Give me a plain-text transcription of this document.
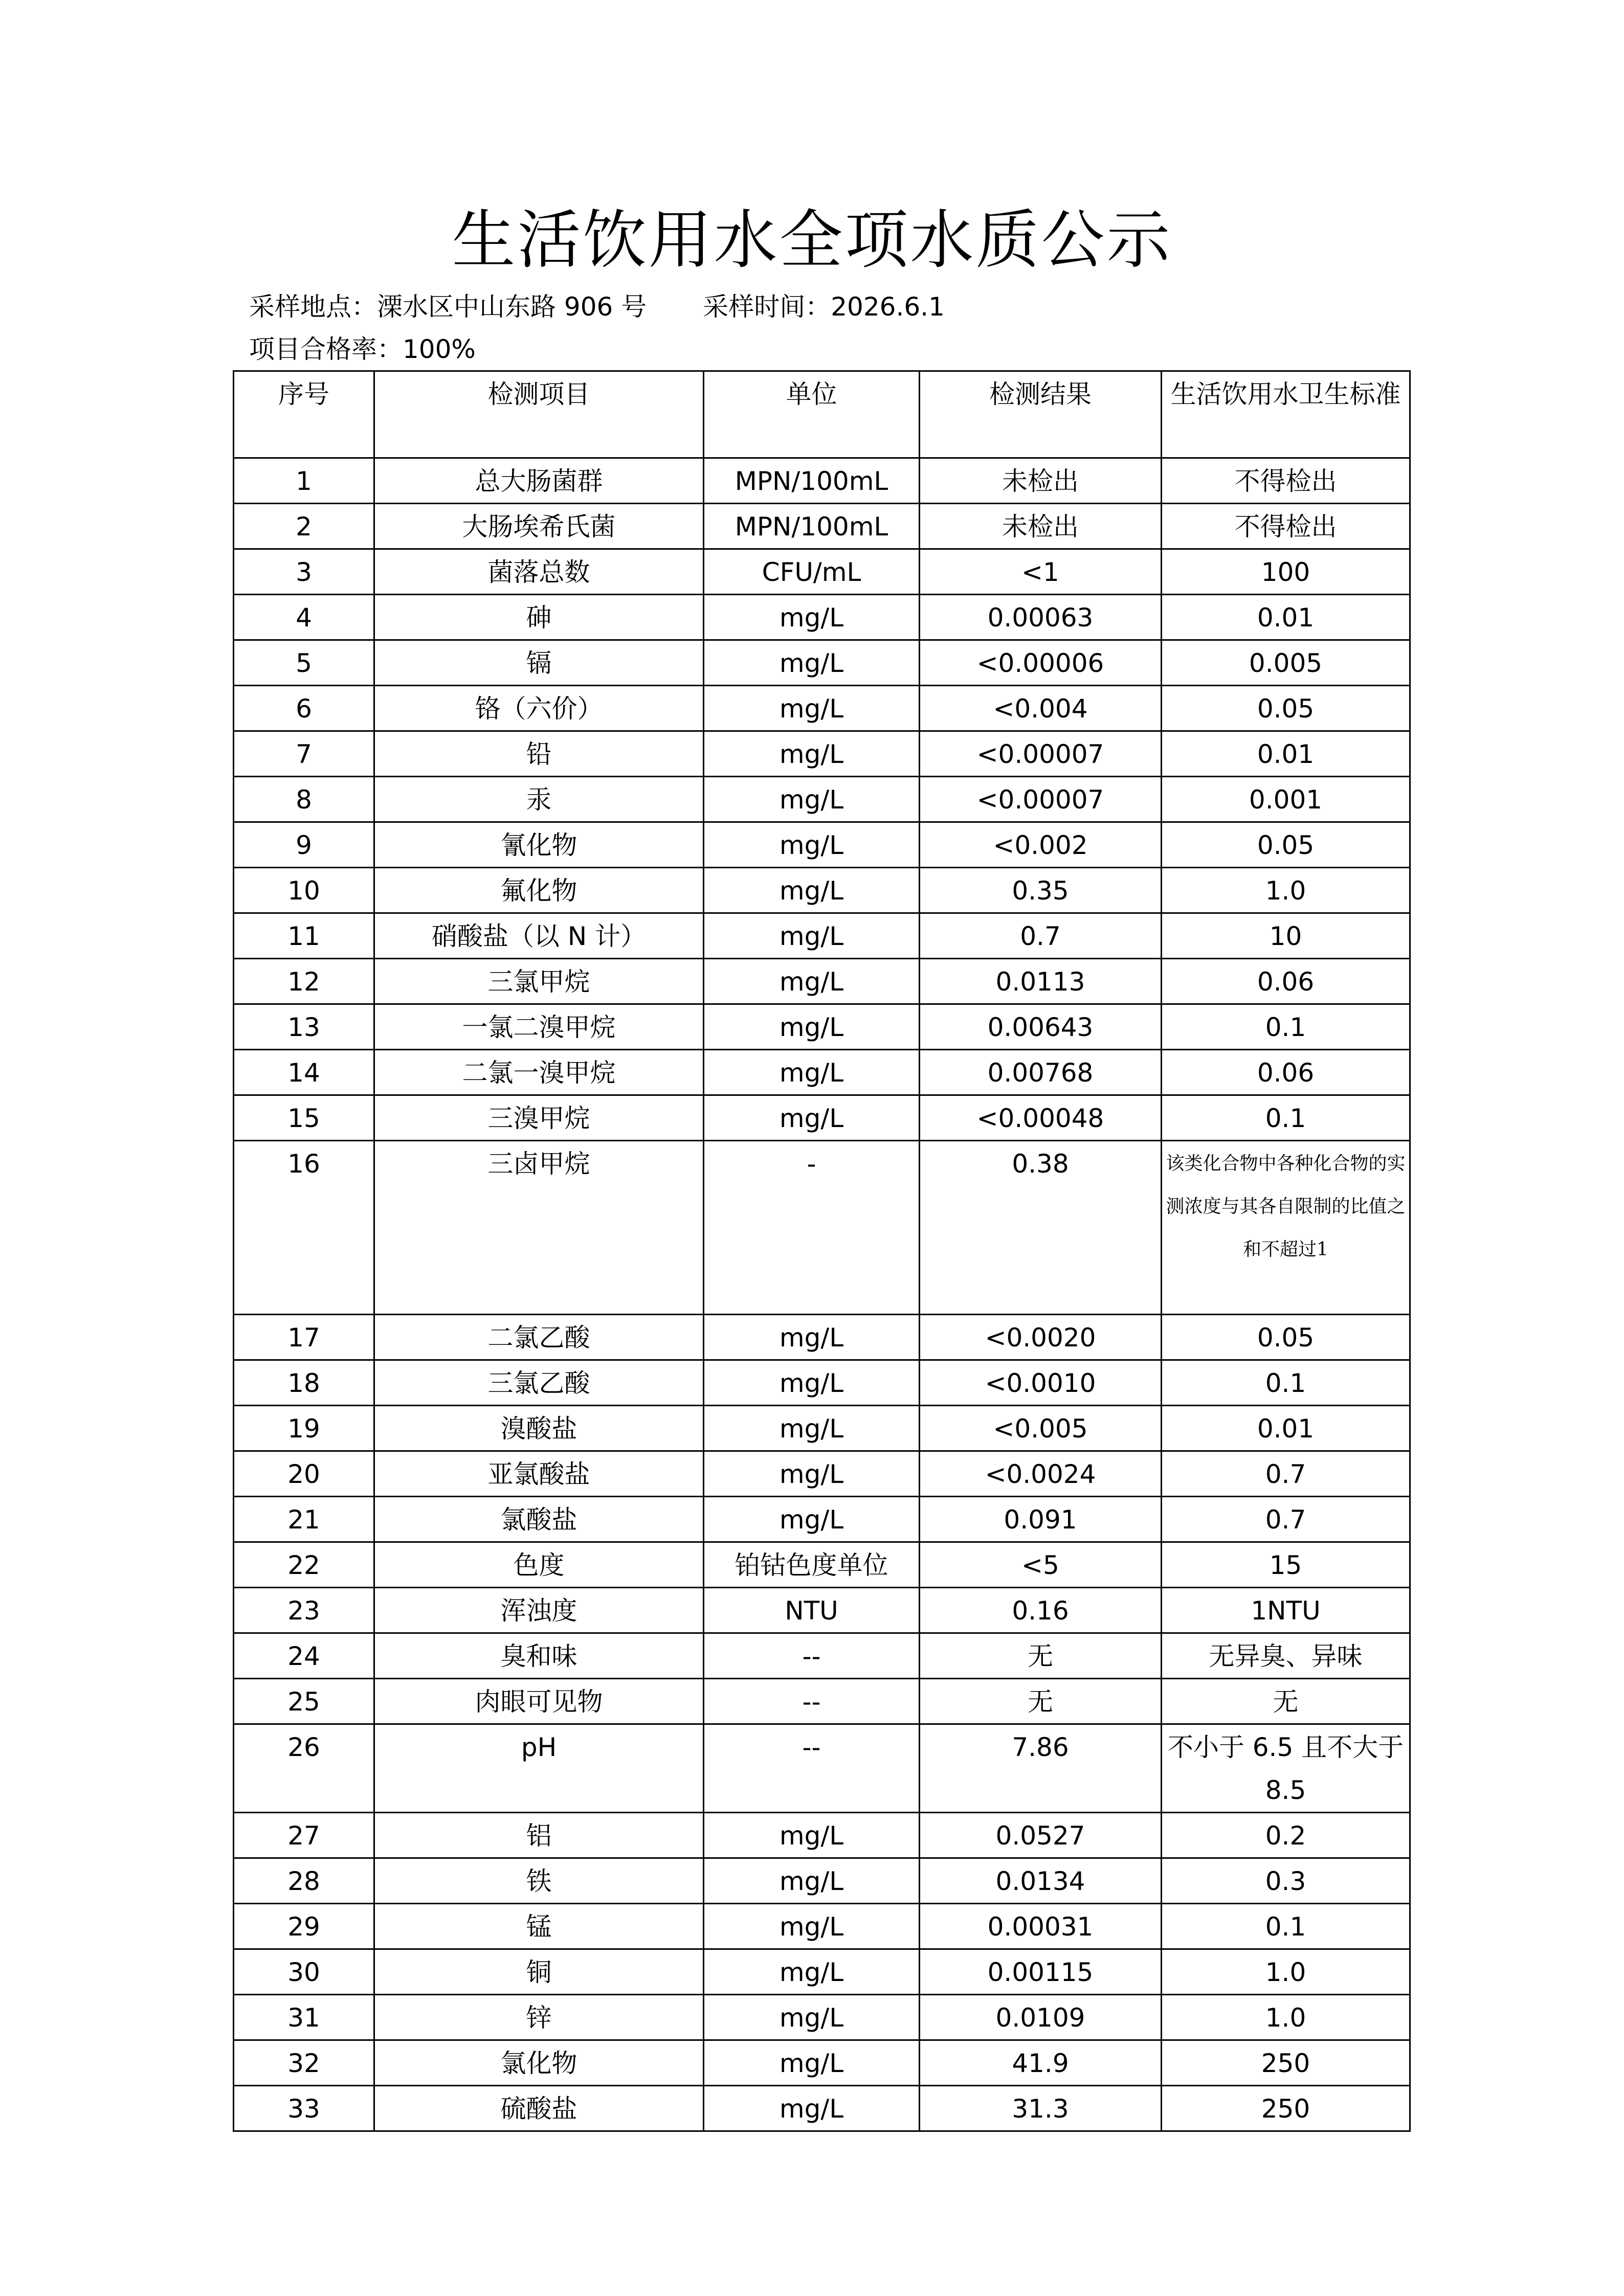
生活饮用水全项水质公示
采样地点：溧水区中山东路 906 号 采样时间：2026.6.1
项目合格率：100%
序号	检测项目	单位	检测结果	生活饮用水卫生标准
1	总大肠菌群	MPN/100mL	未检出	不得检出
2	大肠埃希氏菌	MPN/100mL	未检出	不得检出
3	菌落总数	CFU/mL	<1	100
4	砷	mg/L	0.00063	0.01
5	镉	mg/L	<0.00006	0.005
6	铬（六价）	mg/L	<0.004	0.05
7	铅	mg/L	<0.00007	0.01
8	汞	mg/L	<0.00007	0.001
9	氰化物	mg/L	<0.002	0.05
10	氟化物	mg/L	0.35	1.0
11	硝酸盐（以 N 计）	mg/L	0.7	10
12	三氯甲烷	mg/L	0.0113	0.06
13	一氯二溴甲烷	mg/L	0.00643	0.1
14	二氯一溴甲烷	mg/L	0.00768	0.06
15	三溴甲烷	mg/L	<0.00048	0.1
16	三卤甲烷	-	0.38	该类化合物中各种化合物的实测浓度与其各自限制的比值之和不超过1
17	二氯乙酸	mg/L	<0.0020	0.05
18	三氯乙酸	mg/L	<0.0010	0.1
19	溴酸盐	mg/L	<0.005	0.01
20	亚氯酸盐	mg/L	<0.0024	0.7
21	氯酸盐	mg/L	0.091	0.7
22	色度	铂钴色度单位	<5	15
23	浑浊度	NTU	0.16	1NTU
24	臭和味	--	无	无异臭、异味
25	肉眼可见物	--	无	无
26	pH	--	7.86	不小于 6.5 且不大于 8.5
27	铝	mg/L	0.0527	0.2
28	铁	mg/L	0.0134	0.3
29	锰	mg/L	0.00031	0.1
30	铜	mg/L	0.00115	1.0
31	锌	mg/L	0.0109	1.0
32	氯化物	mg/L	41.9	250
33	硫酸盐	mg/L	31.3	250
